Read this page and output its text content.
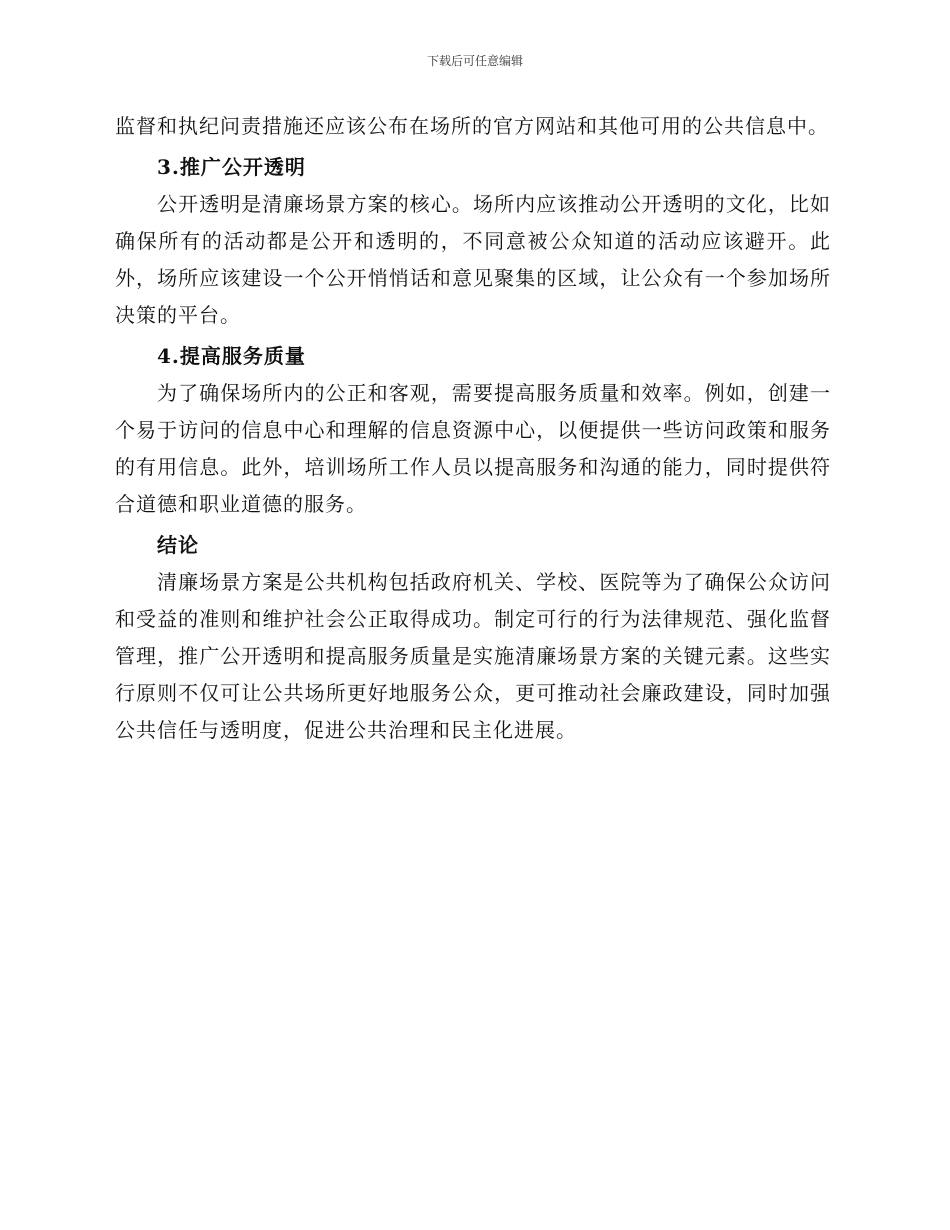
下载后可任意编辑

监督和执纪问责措施还应该公布在场所的官方网站和其他可用的公共信息中。

3.推广公开透明

公开透明是清廉场景方案的核心。场所内应该推动公开透明的文化，比如确保所有的活动都是公开和透明的，不同意被公众知道的活动应该避开。此外，场所应该建设一个公开悄悄话和意见聚集的区域，让公众有一个参加场所决策的平台。

4.提高服务质量

为了确保场所内的公正和客观，需要提高服务质量和效率。例如，创建一个易于访问的信息中心和理解的信息资源中心，以便提供一些访问政策和服务的有用信息。此外，培训场所工作人员以提高服务和沟通的能力，同时提供符合道德和职业道德的服务。

结论

清廉场景方案是公共机构包括政府机关、学校、医院等为了确保公众访问和受益的准则和维护社会公正取得成功。制定可行的行为法律规范、强化监督管理，推广公开透明和提高服务质量是实施清廉场景方案的关键元素。这些实行原则不仅可让公共场所更好地服务公众，更可推动社会廉政建设，同时加强公共信任与透明度，促进公共治理和民主化进展。
